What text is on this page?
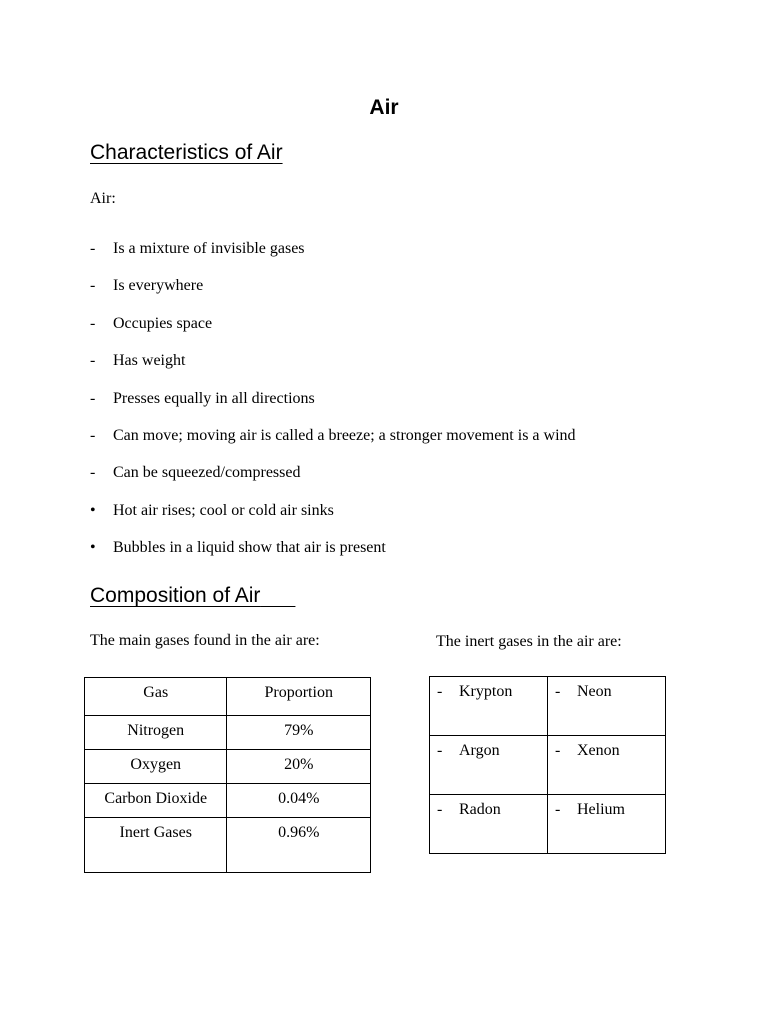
Air
Characteristics of Air
Air:
-	Is a mixture of invisible gases
-	Is everywhere
-	Occupies space
-	Has weight
-	Presses equally in all directions
-	Can move; moving air is called a breeze; a stronger movement is a wind
-	Can be squeezed/compressed
•	Hot air rises; cool or cold air sinks
•	Bubbles in a liquid show that air is present
Composition of Air
The main gases found in the air are:	The inert gases in the air are:
Gas	Proportion
Nitrogen	79%
Oxygen	20%
Carbon Dioxide	0.04%
Inert Gases	0.96%
- Krypton	- Neon
- Argon	- Xenon
- Radon	- Helium
